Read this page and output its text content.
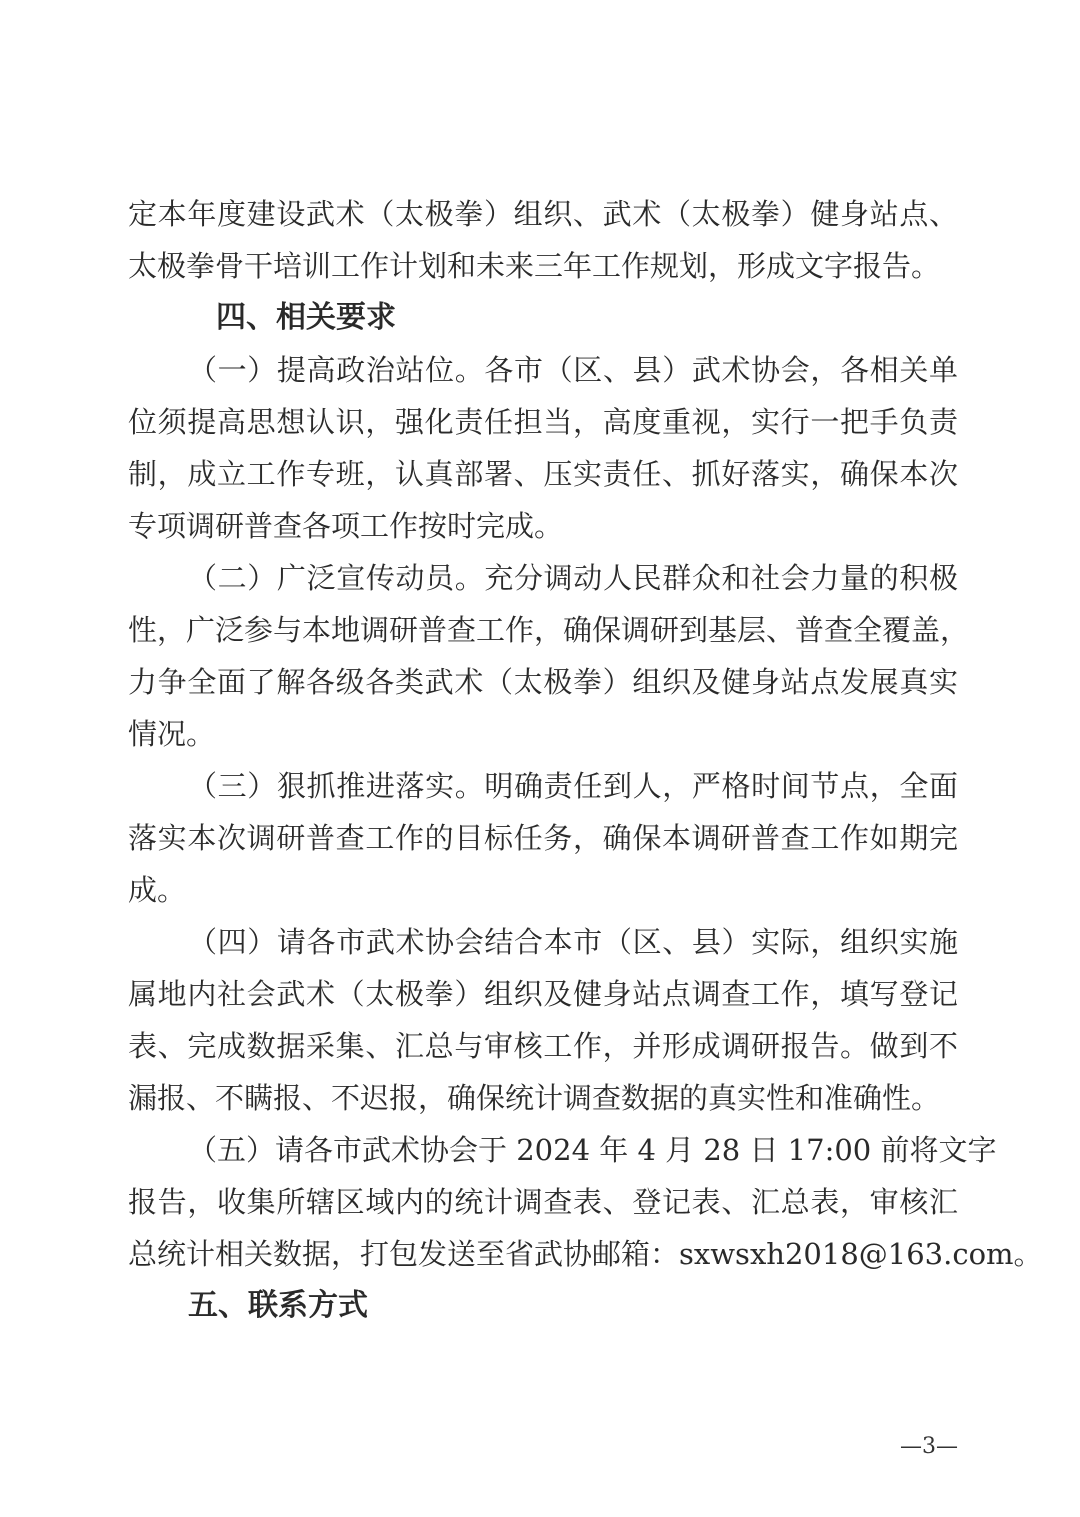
定本年度建设武术（太极拳）组织、武术（太极拳）健身站点、
太极拳骨干培训工作计划和未来三年工作规划，形成文字报告。
四、相关要求
（一）提高政治站位。各市（区、县）武术协会，各相关单
位须提高思想认识，强化责任担当，高度重视，实行一把手负责
制，成立工作专班，认真部署、压实责任、抓好落实，确保本次
专项调研普查各项工作按时完成。
（二）广泛宣传动员。充分调动人民群众和社会力量的积极
性，广泛参与本地调研普查工作，确保调研到基层、普查全覆盖，
力争全面了解各级各类武术（太极拳）组织及健身站点发展真实
情况。
（三）狠抓推进落实。明确责任到人，严格时间节点，全面
落实本次调研普查工作的目标任务，确保本调研普查工作如期完
成。
（四）请各市武术协会结合本市（区、县）实际，组织实施
属地内社会武术（太极拳）组织及健身站点调查工作，填写登记
表、完成数据采集、汇总与审核工作，并形成调研报告。做到不
漏报、不瞒报、不迟报，确保统计调查数据的真实性和准确性。
（五）请各市武术协会于 2024 年 4 月 28 日 17:00 前将文字
报告，收集所辖区域内的统计调查表、登记表、汇总表，审核汇
总统计相关数据，打包发送至省武协邮箱：sxwsxh2018@163.com。
五、联系方式
—3—
